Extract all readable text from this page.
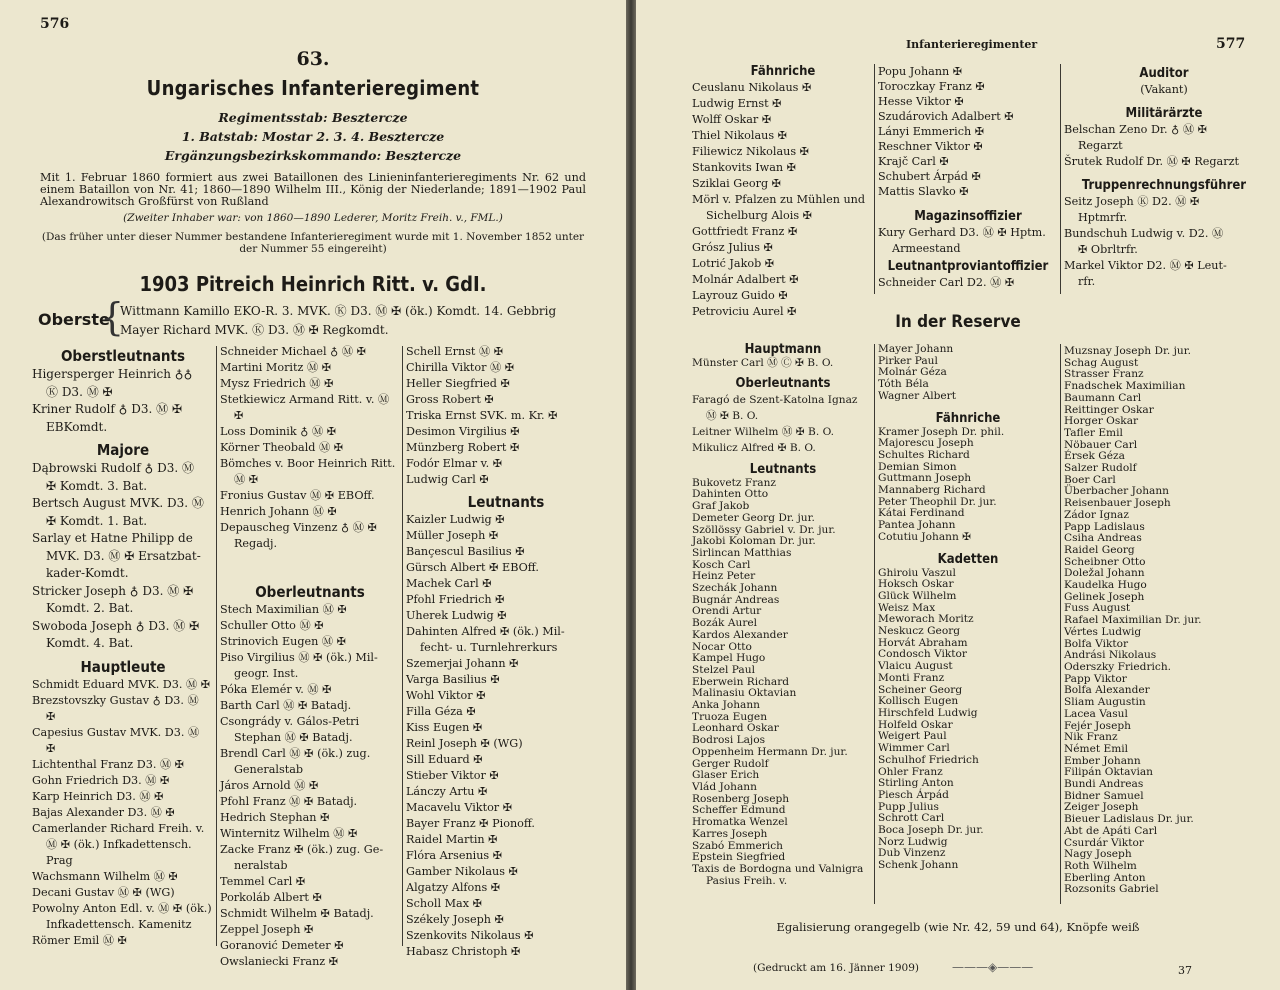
576
63.
Ungarisches Infanterieregiment
Regimentsstab: Besztercze
1. Batstab: Mostar 2. 3. 4. Besztercze
Ergänzungsbezirkskommando: Besztercze
Mit 1. Februar 1860 formiert aus zwei Bataillonen des Linieninfanterieregiments Nr. 62 und einem Bataillon von Nr. 41; 1860—1890 Wilhelm III., König der Niederlande; 1891—1902 Paul Alexandrowitsch Großfürst von Rußland
(Zweiter Inhaber war: von 1860—1890 Lederer, Moritz Freih. v., FML.)
(Das früher unter dieser Nummer bestandene Infanterieregiment wurde mit 1. November 1852 unter der Nummer 55 eingereiht)
1903 Pitreich Heinrich Ritt. v. GdI.
Oberste
{
Wittmann Kamillo EKO-R. 3. MVK. Ⓚ D3. Ⓜ ✠ (ök.) Komdt. 14. Gebbrig
Mayer Richard MVK. Ⓚ D3. Ⓜ ✠ Regkomdt.
Oberstleutnants
Higersperger Heinrich ♁♁
Ⓚ D3. Ⓜ ✠
Kriner Rudolf ♁ D3. Ⓜ ✠
EBKomdt.
Majore
Dąbrowski Rudolf ♁ D3. Ⓜ
✠ Komdt. 3. Bat.
Bertsch August MVK. D3. Ⓜ
✠ Komdt. 1. Bat.
Sarlay et Hatne Philipp de
MVK. D3. Ⓜ ✠ Ersatzbat-
kader-Komdt.
Stricker Joseph ♁ D3. Ⓜ ✠
Komdt. 2. Bat.
Swoboda Joseph ♁ D3. Ⓜ ✠
Komdt. 4. Bat.
Hauptleute
Schmidt Eduard MVK. D3. Ⓜ ✠
Brezstovszky Gustav ♁ D3. Ⓜ
✠
Capesius Gustav MVK. D3. Ⓜ
✠
Lichtenthal Franz D3. Ⓜ ✠
Gohn Friedrich D3. Ⓜ ✠
Karp Heinrich D3. Ⓜ ✠
Bajas Alexander D3. Ⓜ ✠
Camerlander Richard Freih. v.
Ⓜ ✠ (ök.) Infkadettensch.
Prag
Wachsmann Wilhelm Ⓜ ✠
Decani Gustav Ⓜ ✠ (WG)
Powolny Anton Edl. v. Ⓜ ✠ (ök.)
Infkadettensch. Kamenitz
Römer Emil Ⓜ ✠
Schneider Michael ♁ Ⓜ ✠
Martini Moritz Ⓜ ✠
Mysz Friedrich Ⓜ ✠
Stetkiewicz Armand Ritt. v. Ⓜ
✠
Loss Dominik ♁ Ⓜ ✠
Körner Theobald Ⓜ ✠
Bömches v. Boor Heinrich Ritt.
Ⓜ ✠
Fronius Gustav Ⓜ ✠ EBOff.
Henrich Johann Ⓜ ✠
Depauscheg Vinzenz ♁ Ⓜ ✠
Regadj.
Oberleutnants
Stech Maximilian Ⓜ ✠
Schuller Otto Ⓜ ✠
Strinovich Eugen Ⓜ ✠
Piso Virgilius Ⓜ ✠ (ök.) Mil-
geogr. Inst.
Póka Elemér v. Ⓜ ✠
Barth Carl Ⓜ ✠ Batadj.
Csongrády v. Gálos-Petri
Stephan Ⓜ ✠ Batadj.
Brendl Carl Ⓜ ✠ (ök.) zug.
Generalstab
Járos Arnold Ⓜ ✠
Pfohl Franz Ⓜ ✠ Batadj.
Hedrich Stephan ✠
Winternitz Wilhelm Ⓜ ✠
Zacke Franz ✠ (ök.) zug. Ge-
neralstab
Temmel Carl ✠
Porkoláb Albert ✠
Schmidt Wilhelm ✠ Batadj.
Zeppel Joseph ✠
Goranović Demeter ✠
Owslaniecki Franz ✠
Schell Ernst Ⓜ ✠
Chirilla Viktor Ⓜ ✠
Heller Siegfried ✠
Gross Robert ✠
Triska Ernst SVK. m. Kr. ✠
Desimon Virgilius ✠
Münzberg Robert ✠
Fodór Elmar v. ✠
Ludwig Carl ✠
Leutnants
Kaizler Ludwig ✠
Müller Joseph ✠
Bançescul Basilius ✠
Gürsch Albert ✠ EBOff.
Machek Carl ✠
Pfohl Friedrich ✠
Uherek Ludwig ✠
Dahinten Alfred ✠ (ök.) Mil-
fecht- u. Turnlehrerkurs
Szemerjai Johann ✠
Varga Basilius ✠
Wohl Viktor ✠
Filla Géza ✠
Kiss Eugen ✠
Reinl Joseph ✠ (WG)
Sill Eduard ✠
Stieber Viktor ✠
Lánczy Artu ✠
Macavelu Viktor ✠
Bayer Franz ✠ Pionoff.
Raidel Martin ✠
Flóra Arsenius ✠
Gamber Nikolaus ✠
Algatzy Alfons ✠
Scholl Max ✠
Székely Joseph ✠
Szenkovits Nikolaus ✠
Habasz Christoph ✠
Infanterieregimenter	577
Fähnriche
Ceuslanu Nikolaus ✠
Ludwig Ernst ✠
Wolff Oskar ✠
Thiel Nikolaus ✠
Filiewicz Nikolaus ✠
Stankovits Iwan ✠
Sziklai Georg ✠
Mörl v. Pfalzen zu Mühlen und
Sichelburg Alois ✠
Gottfriedt Franz ✠
Grósz Julius ✠
Lotrić Jakob ✠
Molnár Adalbert ✠
Layrouz Guido ✠
Petroviciu Aurel ✠
Popu Johann ✠
Toroczkay Franz ✠
Hesse Viktor ✠
Szudárovich Adalbert ✠
Lányi Emmerich ✠
Reschner Viktor ✠
Krajč Carl ✠
Schubert Árpád ✠
Mattis Slavko ✠
Magazinsoffizier
Kury Gerhard D3. Ⓜ ✠ Hptm.
Armeestand
Leutnantproviantoffizier
Schneider Carl D2. Ⓜ ✠
Auditor
(Vakant)
Militärärzte
Belschan Zeno Dr. ♁ Ⓜ ✠
Regarzt
Šrutek Rudolf Dr. Ⓜ ✠ Regarzt
Truppenrechnungsführer
Seitz Joseph Ⓚ D2. Ⓜ ✠
Hptmrfr.
Bundschuh Ludwig v. D2. Ⓜ
✠ Obrltrfr.
Markel Viktor D2. Ⓜ ✠ Leut-
rfr.
In der Reserve
Hauptmann
Münster Carl Ⓜ Ⓒ ✠ B. O.
Oberleutnants
Faragó de Szent-Katolna Ignaz
Ⓜ ✠ B. O.
Leitner Wilhelm Ⓜ ✠ B. O.
Mikulicz Alfred ✠ B. O.
Leutnants
Bukovetz Franz
Dahinten Otto
Graf Jakob
Demeter Georg Dr. jur.
Szöllössy Gabriel v. Dr. jur.
Jakobi Koloman Dr. jur.
Sirlincan Matthias
Kosch Carl
Heinz Peter
Szechák Johann
Bugnár Andreas
Orendi Artur
Bozák Aurel
Kardos Alexander
Nocar Otto
Kampel Hugo
Stelzel Paul
Eberwein Richard
Malinasiu Oktavian
Anka Johann
Truoza Eugen
Leonhard Oskar
Bodrosi Lajos
Oppenheim Hermann Dr. jur.
Gerger Rudolf
Glaser Erich
Vlád Johann
Rosenberg Joseph
Scheffer Edmund
Hromatka Wenzel
Karres Joseph
Szabó Emmerich
Epstein Siegfried
Taxis de Bordogna und Valnigra
Pasius Freih. v.
Mayer Johann
Pirker Paul
Molnár Géza
Tóth Béla
Wagner Albert
Fähnriche
Kramer Joseph Dr. phil.
Majorescu Joseph
Schultes Richard
Demian Simon
Guttmann Joseph
Mannaberg Richard
Peter Theophil Dr. jur.
Kátai Ferdinand
Pantea Johann
Cotutiu Johann ✠
Kadetten
Ghiroiu Vaszul
Hoksch Oskar
Glück Wilhelm
Weisz Max
Meworach Moritz
Neskucz Georg
Horvát Abraham
Condosch Viktor
Vlaicu August
Monti Franz
Scheiner Georg
Kollisch Eugen
Hirschfeld Ludwig
Holfeld Oskar
Weigert Paul
Wimmer Carl
Schulhof Friedrich
Ohler Franz
Stirling Anton
Piesch Árpád
Pupp Julius
Schrott Carl
Boca Joseph Dr. jur.
Norz Ludwig
Dub Vinzenz
Schenk Johann
Muzsnay Joseph Dr. jur.
Schag August
Strasser Franz
Fnadschek Maximilian
Baumann Carl
Reittinger Oskar
Horger Oskar
Tafler Emil
Nöbauer Carl
Érsek Géza
Salzer Rudolf
Boer Carl
Überbacher Johann
Reisenbauer Joseph
Zádor Ignaz
Papp Ladislaus
Csiha Andreas
Raidel Georg
Scheibner Otto
Doležal Johann
Kaudelka Hugo
Gelinek Joseph
Fuss August
Rafael Maximilian Dr. jur.
Vértes Ludwig
Bolfa Viktor
Andrási Nikolaus
Oderszky Friedrich.
Papp Viktor
Bolfa Alexander
Sliam Augustin
Lacea Vasul
Fejér Joseph
Nik Franz
Német Emil
Ember Johann
Filipán Oktavian
Bundi Andreas
Bidner Samuel
Zeiger Joseph
Bieuer Ladislaus Dr. jur.
Abt de Apáti Carl
Csurdár Viktor
Nagy Joseph
Roth Wilhelm
Eberling Anton
Rozsonits Gabriel
Egalisierung orangegelb (wie Nr. 42, 59 und 64), Knöpfe weiß
(Gedruckt am 16. Jänner 1909)	———◈———	37
